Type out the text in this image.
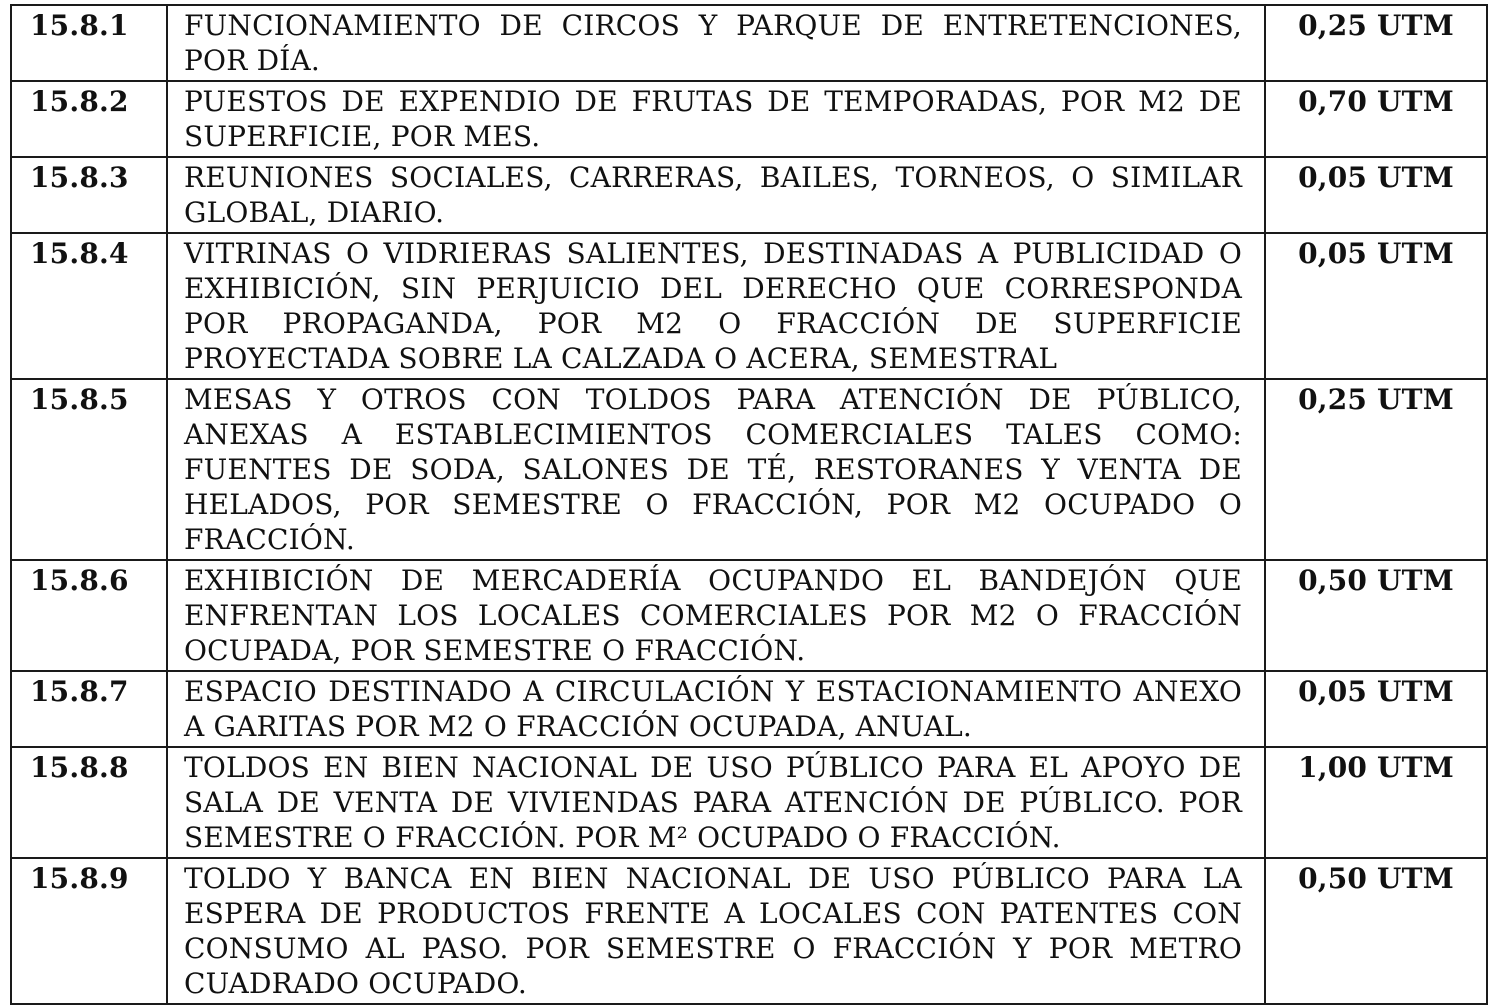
15.8.1	FUNCIONAMIENTO DE CIRCOS Y PARQUE DE ENTRETENCIONES, POR DÍA.	0,25 UTM
15.8.2	PUESTOS DE EXPENDIO DE FRUTAS DE TEMPORADAS, POR M2 DE SUPERFICIE, POR MES.	0,70 UTM
15.8.3	REUNIONES SOCIALES, CARRERAS, BAILES, TORNEOS, O SIMILAR GLOBAL, DIARIO.	0,05 UTM
15.8.4	VITRINAS O VIDRIERAS SALIENTES, DESTINADAS A PUBLICIDAD O EXHIBICIÓN, SIN PERJUICIO DEL DERECHO QUE CORRESPONDA POR PROPAGANDA, POR M2 O FRACCIÓN DE SUPERFICIE PROYECTADA SOBRE LA CALZADA O ACERA, SEMESTRAL	0,05 UTM
15.8.5	MESAS Y OTROS CON TOLDOS PARA ATENCIÓN DE PÚBLICO, ANEXAS A ESTABLECIMIENTOS COMERCIALES TALES COMO: FUENTES DE SODA, SALONES DE TÉ, RESTORANES Y VENTA DE HELADOS, POR SEMESTRE O FRACCIÓN, POR M2 OCUPADO O FRACCIÓN.	0,25 UTM
15.8.6	EXHIBICIÓN DE MERCADERÍA OCUPANDO EL BANDEJÓN QUE ENFRENTAN LOS LOCALES COMERCIALES POR M2 O FRACCIÓN OCUPADA, POR SEMESTRE O FRACCIÓN.	0,50 UTM
15.8.7	ESPACIO DESTINADO A CIRCULACIÓN Y ESTACIONAMIENTO ANEXO A GARITAS POR M2 O FRACCIÓN OCUPADA, ANUAL.	0,05 UTM
15.8.8	TOLDOS EN BIEN NACIONAL DE USO PÚBLICO PARA EL APOYO DE SALA DE VENTA DE VIVIENDAS PARA ATENCIÓN DE PÚBLICO. POR SEMESTRE O FRACCIÓN. POR M² OCUPADO O FRACCIÓN.	1,00 UTM
15.8.9	TOLDO Y BANCA EN BIEN NACIONAL DE USO PÚBLICO PARA LA ESPERA DE PRODUCTOS FRENTE A LOCALES CON PATENTES CON CONSUMO AL PASO. POR SEMESTRE O FRACCIÓN Y POR METRO CUADRADO OCUPADO.	0,50 UTM
